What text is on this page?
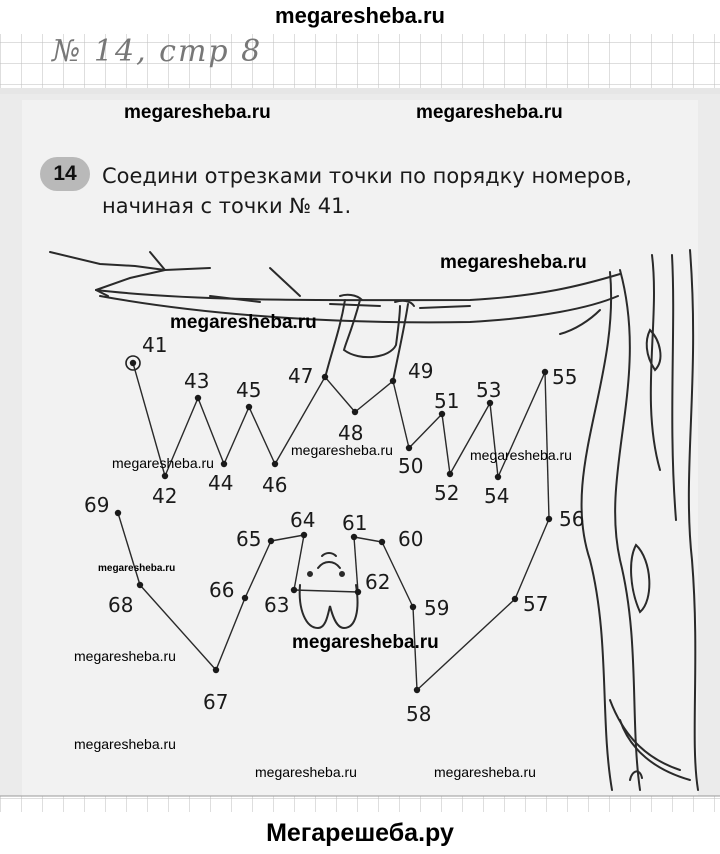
megaresheba.ru
41
42
43
44
45
46
47
48
49
50
51
52
53
54
55
56
57
58
59
60
61
62
63
64
65
66
67
68
69
№ 14, стр 8
14	Соедини отрезками точки по порядку номеров,
начиная с точки № 41.
megaresheba.ru	megaresheba.ru
megaresheba.ru
megaresheba.ru
megaresheba.ru
megaresheba.ru	megaresheba.ru
megaresheba.ru
megaresheba.ru
megaresheba.ru
megaresheba.ru
megaresheba.ru	megaresheba.ru
Мегарешеба.ру
